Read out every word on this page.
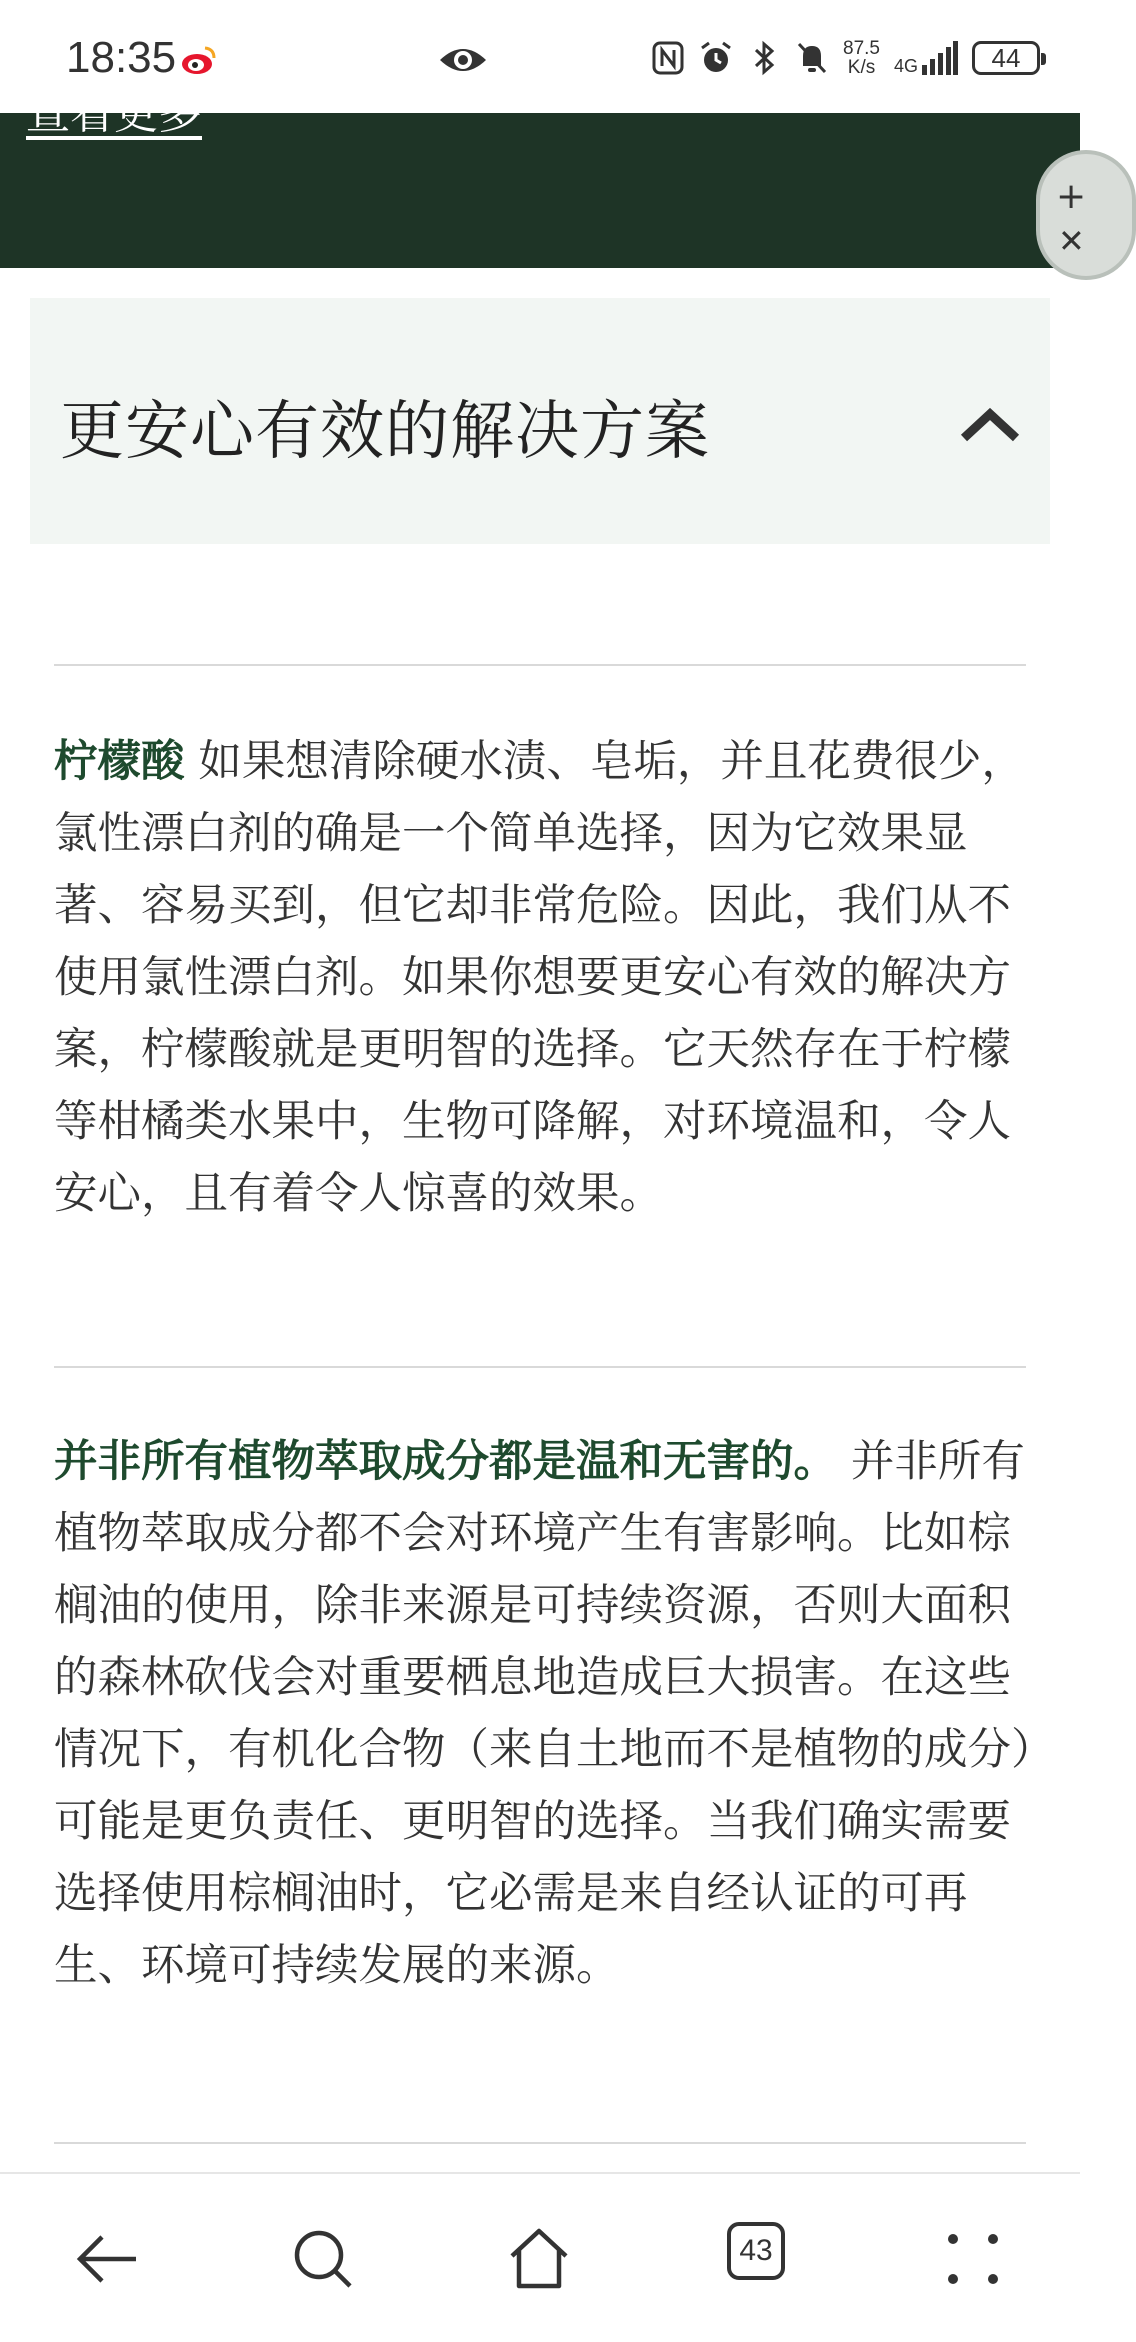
18:35	87.5
K/s 4G	44
查看更多
+
✕
更安心有效的解决方案
柠檬酸 如果想清除硬水渍、皂垢，并且花费很少，氯性漂白剂的确是一个简单选择，因为它效果显著、容易买到，但它却非常危险。因此，我们从不使用氯性漂白剂。如果你想要更安心有效的解决方案，柠檬酸就是更明智的选择。它天然存在于柠檬等柑橘类水果中，生物可降解，对环境温和，令人安心，且有着令人惊喜的效果。
并非所有植物萃取成分都是温和无害的。 并非所有植物萃取成分都不会对环境产生有害影响。比如棕榈油的使用，除非来源是可持续资源，否则大面积的森林砍伐会对重要栖息地造成巨大损害。在这些情况下，有机化合物（来自土地而不是植物的成分）可能是更负责任、更明智的选择。当我们确实需要选择使用棕榈油时，它必需是来自经认证的可再生、环境可持续发展的来源。
43
